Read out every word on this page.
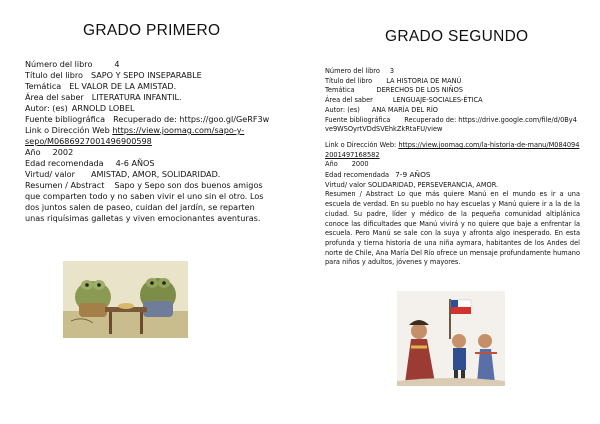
GRADO PRIMERO
Número del libro	4
Título del libro SAPO Y SEPO INSEPARABLE
Temática EL VALOR DE LA AMISTAD.
Área del saber LITERATURA INFANTIL.
Autor: (es) ARNOLD LOBEL
Fuente bibliográfica Recuperado de: https://goo.gl/GeRF3w
Link o Dirección Web https://view.joomag.com/sapo-y-sepo/M0686927001496900598
Año 2002
Edad recomendada 4-6 AÑOS
Virtud/ valor AMISTAD, AMOR, SOLIDARIDAD.
Resumen / Abstract Sapo y Sepo son dos buenos amigos que comparten todo y no saben vivir el uno sin el otro. Los dos juntos salen de paseo, cuidan del jardín, se reparten unas riquísimas galletas y viven emocionantes aventuras.
GRADO SEGUNDO
Número del libro 3
Título del libro LA HISTORIA DE MANÚ
Temática	DERECHOS DE LOS NIÑOS
Área del saber	LENGUAJE-SOCIALES-ÉTICA
Autor: (es) ANA MARÍA DEL RÍO
Fuente bibliográfica Recuperado de: https://drive.google.com/file/d/0By4ve9WSOyrtVDdSVEhkZkRtaFU/view
Link o Dirección Web: https://view.joomag.com/la-historia-de-manu/M0840942001497168582
Año 2000
Edad recomendada 7-9 AÑOS
Virtud/ valor SOLIDARIDAD, PERSEVERANCIA, AMOR.
Resumen / Abstract Lo que más quiere Manú en el mundo es ir a una escuela de verdad. En su pueblo no hay escuelas y Manú quiere ir a la de la ciudad. Su padre, líder y médico de la pequeña comunidad altiplánica conoce las dificultades que Manú vivirá y no quiere que baje a enfrentar la escuela. Pero Manú se sale con la suya y afronta algo inesperado. En esta profunda y tierna historia de una niña aymara, habitantes de los Andes del norte de Chile, Ana María Del Río ofrece un mensaje profundamente humano para niños y adultos, jóvenes y mayores.
